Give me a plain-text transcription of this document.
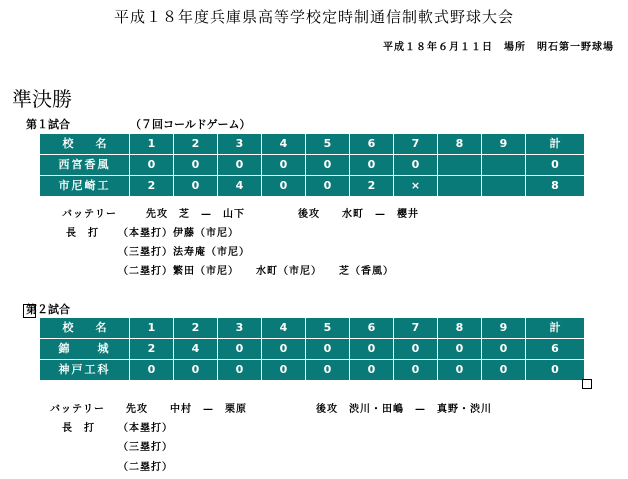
平成１８年度兵庫県高等学校定時制通信制軟式野球大会
平成１８年６月１１日　場所　明石第一野球場
準決勝
第１試合	（７回コールドゲーム）
校　　名	1	2	3	4	5	6	7	8	9	計
西宮香風	0	0	0	0	0	0	0			0
市尼崎工	2	0	4	0	0	2	×			8
バッテリー	先攻　芝　—　山下	後攻　　水町　—　櫻井
長　打 （本塁打）伊藤（市尼）
（三塁打）法寿庵（市尼）
（二塁打）繁田（市尼）　　水町（市尼）　　芝（香風）
第２試合
校　　名	1	2	3	4	5	6	7	8	9	計
錦　　城	2	4	0	0	0	0	0	0	0	6
神戸工科	0	0	0	0	0	0	0	0	0	0
バッテリー 先攻　　中村　—　栗原	後攻　渋川・田嶋　—　真野・渋川
長　打 （本塁打）
（三塁打）
（二塁打）
